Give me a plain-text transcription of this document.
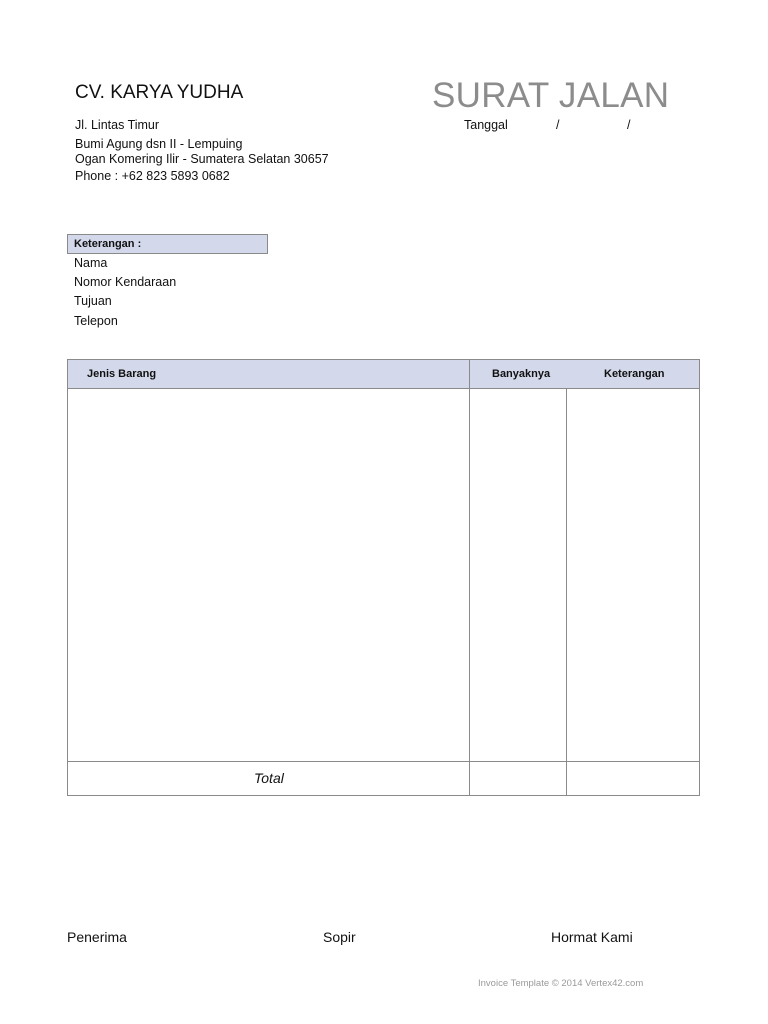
CV. KARYA YUDHA	SURAT JALAN
Jl. Lintas Timur
Bumi Agung dsn II - Lempuing
Ogan Komering Ilir - Sumatera Selatan 30657
Phone : +62 823 5893 0682
Tanggal	/	/
Keterangan :
Nama
Nomor Kendaraan
Tujuan
Telepon
Jenis Barang	Banyaknya	Keterangan
Total
Penerima	Sopir	Hormat Kami
Invoice Template © 2014 Vertex42.com
